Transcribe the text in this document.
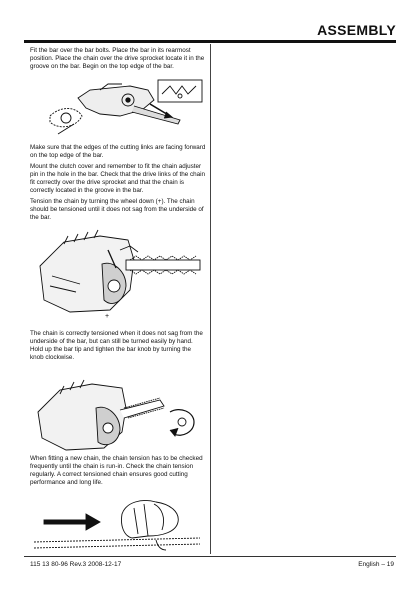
ASSEMBLY

Fit the bar over the bar bolts. Place the bar in its rearmost position. Place the chain over the drive sprocket locate it in the groove on the bar. Begin on the top edge of the bar.

Make sure that the edges of the cutting links are facing forward on the top edge of the bar.

Mount the clutch cover and remember to fit the chain adjuster pin in the hole in the bar. Check that the drive links of the chain fit correctly over the drive sprocket and that the chain is correctly located in the groove in the bar.

Tension the chain by turning the wheel down (+). The chain should be tensioned until it does not sag from the underside of the bar.

+

The chain is correctly tensioned when it does not sag from the underside of the bar, but can still be turned easily by hand. Hold up the bar tip and tighten the bar knob by turning the knob clockwise.

When fitting a new chain, the chain tension has to be checked frequently until the chain is run-in. Check the chain tension regularly. A correct tensioned chain ensures good cutting performance and long life.

115 13 80-96 Rev.3 2008-12-17	English – 19
